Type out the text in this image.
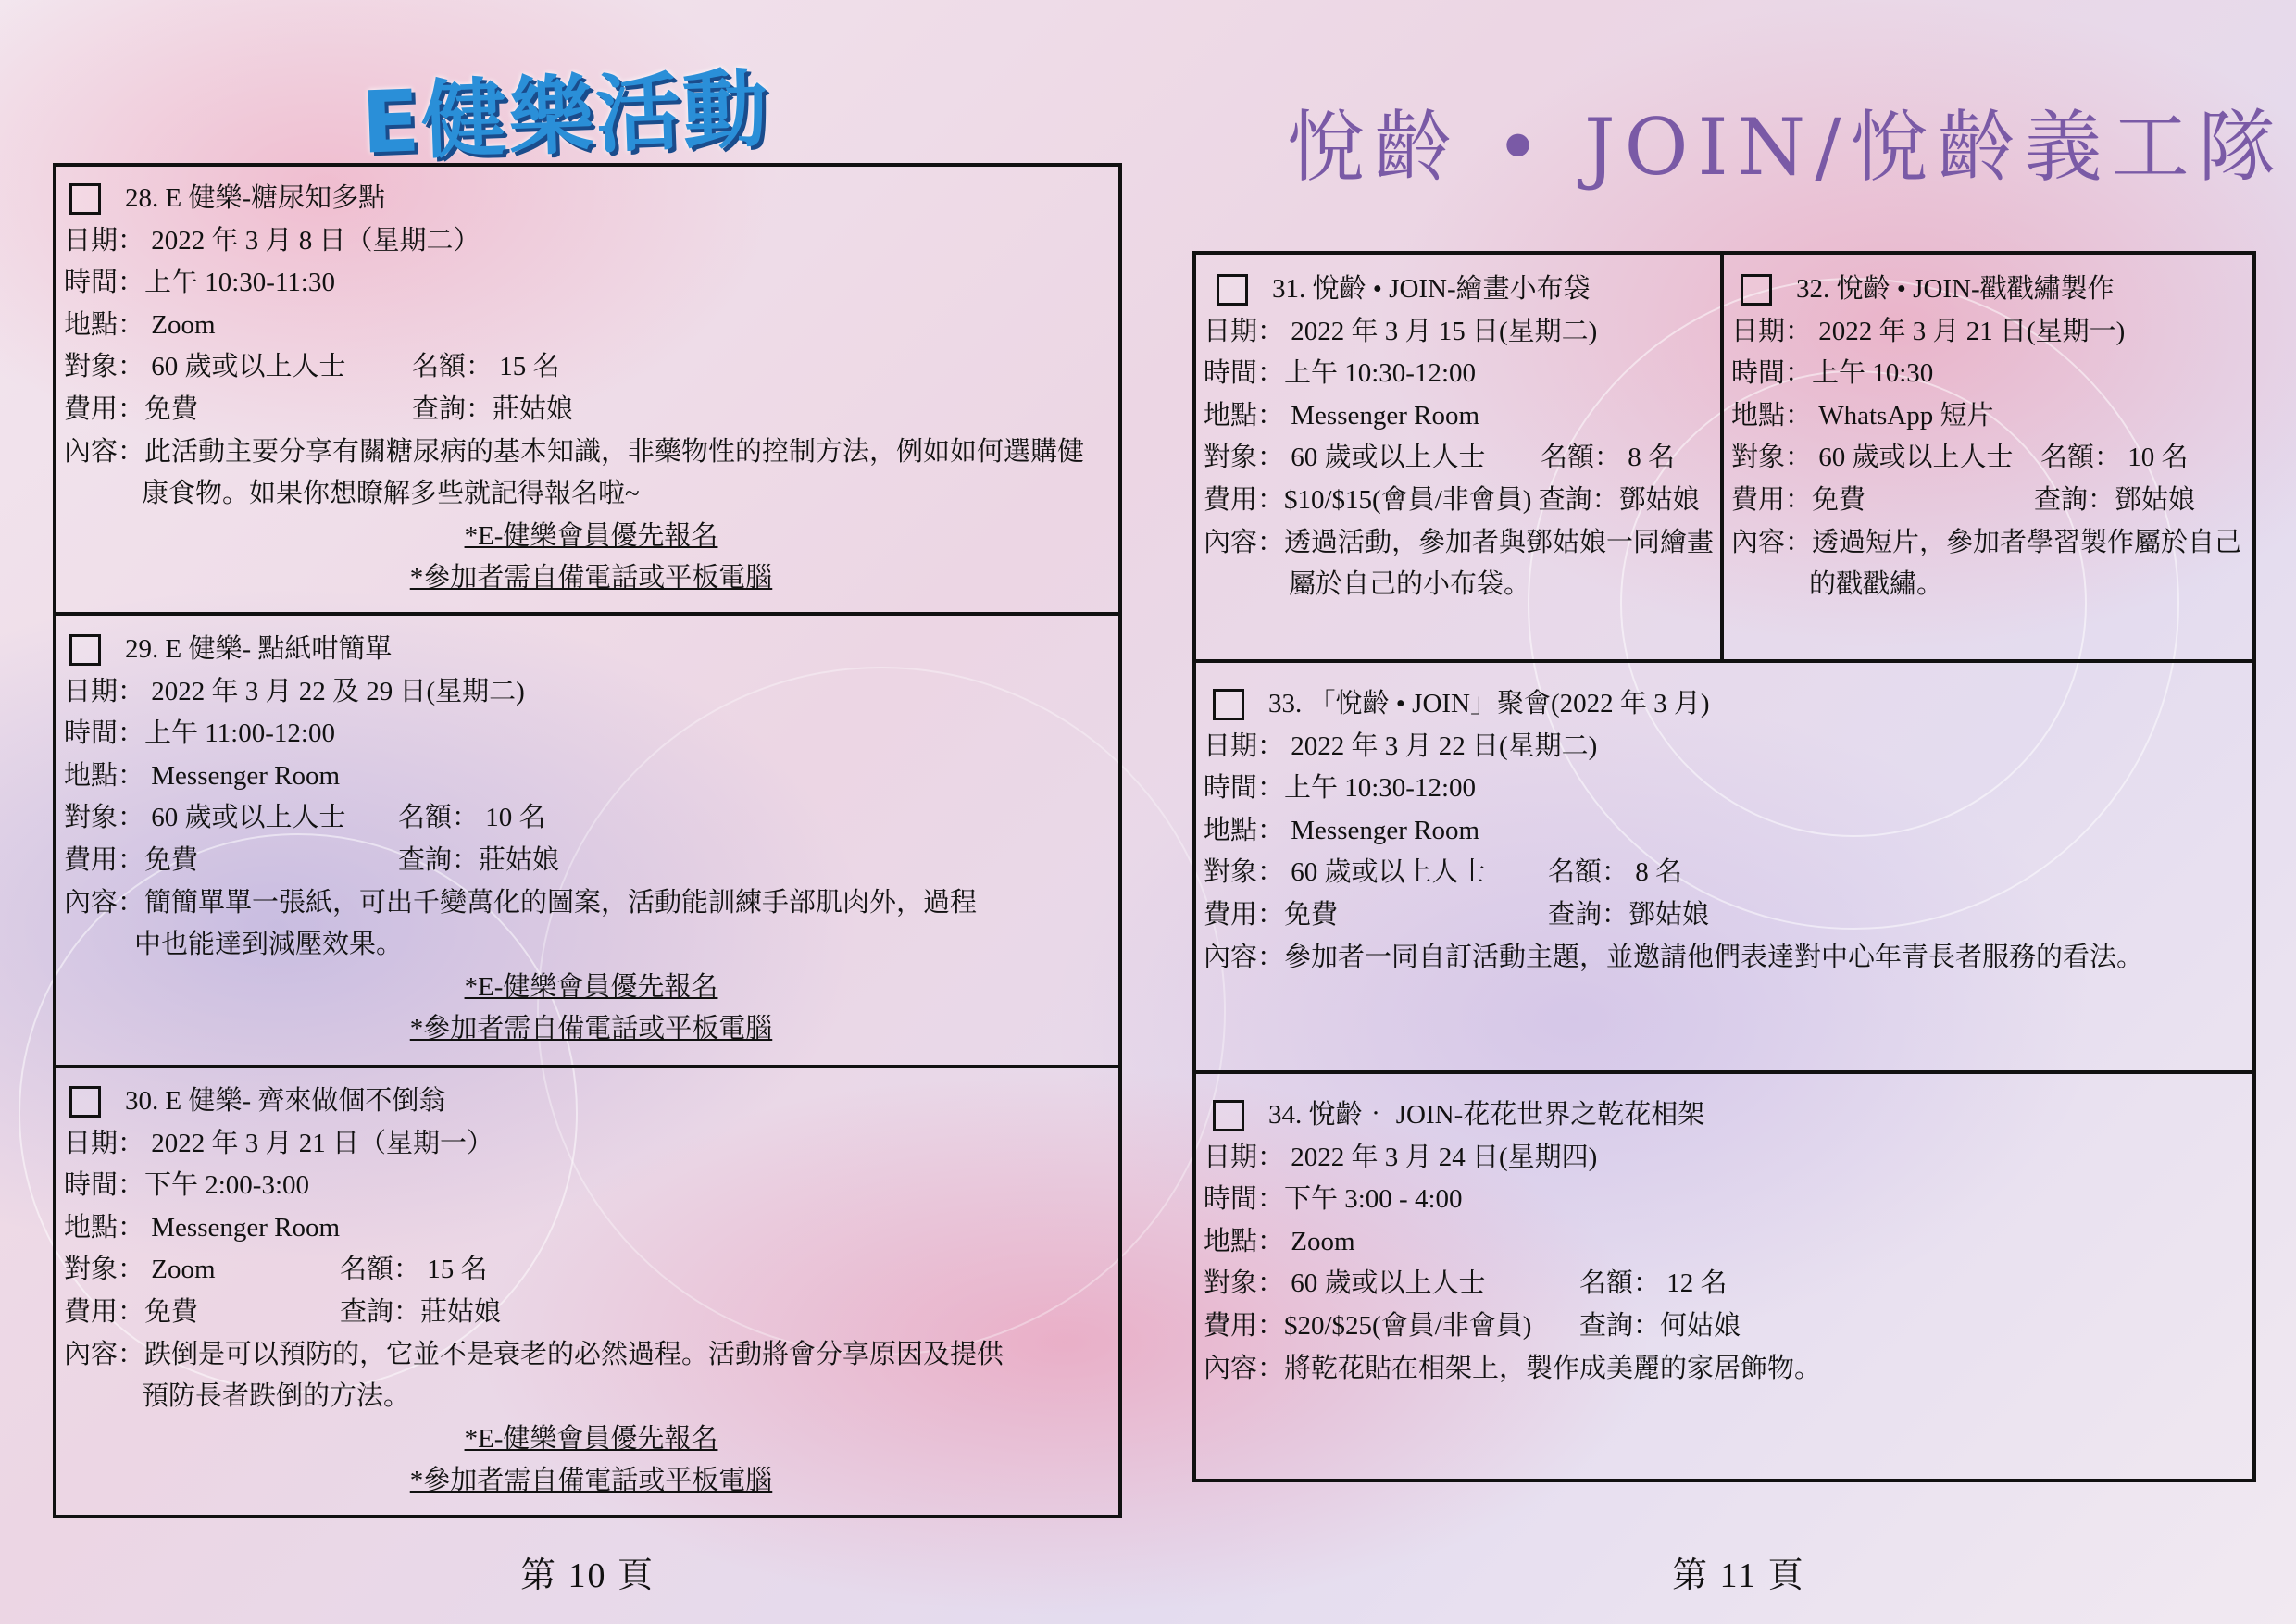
E健樂活動	悅齡 • JOIN/悅齡義工隊
28. E 健樂-糖尿知多點
日期： 2022 年 3 月 8 日（星期二）
時間：上午 10:30-11:30
地點： Zoom
對象： 60 歲或以上人士 名額： 15 名
費用：免費	查詢：莊姑娘
內容：此活動主要分享有關糖尿病的基本知識，非藥物性的控制方法，例如如何選購健
康食物。如果你想瞭解多些就記得報名啦~
*E-健樂會員優先報名
*參加者需自備電話或平板電腦
29. E 健樂- 點紙咁簡單
日期： 2022 年 3 月 22 及 29 日(星期二)
時間：上午 11:00-12:00
地點： Messenger Room
對象： 60 歲或以上人士 名額： 10 名
費用：免費	查詢：莊姑娘
內容：簡簡單單一張紙，可出千變萬化的圖案，活動能訓練手部肌肉外，過程
中也能達到減壓效果。
*E-健樂會員優先報名
*參加者需自備電話或平板電腦
30. E 健樂- 齊來做個不倒翁
日期： 2022 年 3 月 21 日（星期一）
時間：下午 2:00-3:00
地點： Messenger Room
對象： Zoom	名額： 15 名
費用：免費	查詢：莊姑娘
內容：跌倒是可以預防的，它並不是衰老的必然過程。活動將會分享原因及提供
預防長者跌倒的方法。
*E-健樂會員優先報名
*參加者需自備電話或平板電腦
31. 悅齡 • JOIN-繪畫小布袋
日期： 2022 年 3 月 15 日(星期二)
時間：上午 10:30-12:00
地點： Messenger Room
對象： 60 歲或以上人士 名額： 8 名
費用：$10/$15(會員/非會員) 查詢：鄧姑娘
內容：透過活動，參加者與鄧姑娘一同繪畫
屬於自己的小布袋。
32. 悅齡 • JOIN-戳戳繡製作
日期： 2022 年 3 月 21 日(星期一)
時間：上午 10:30
地點： WhatsApp 短片
對象： 60 歲或以上人士 名額： 10 名
費用：免費	查詢：鄧姑娘
內容：透過短片，參加者學習製作屬於自己
的戳戳繡。
33. 「悅齡 • JOIN」聚會(2022 年 3 月)
日期： 2022 年 3 月 22 日(星期二)
時間：上午 10:30-12:00
地點： Messenger Room
對象： 60 歲或以上人士 名額： 8 名
費用：免費	查詢：鄧姑娘
內容：參加者一同自訂活動主題，並邀請他們表達對中心年青長者服務的看法。
34. 悅齡‧ JOIN-花花世界之乾花相架
日期： 2022 年 3 月 24 日(星期四)
時間：下午 3:00 - 4:00
地點： Zoom
對象： 60 歲或以上人士	名額： 12 名
費用：$20/$25(會員/非會員) 查詢：何姑娘
內容：將乾花貼在相架上，製作成美麗的家居飾物。
第 10 頁	第 11 頁
